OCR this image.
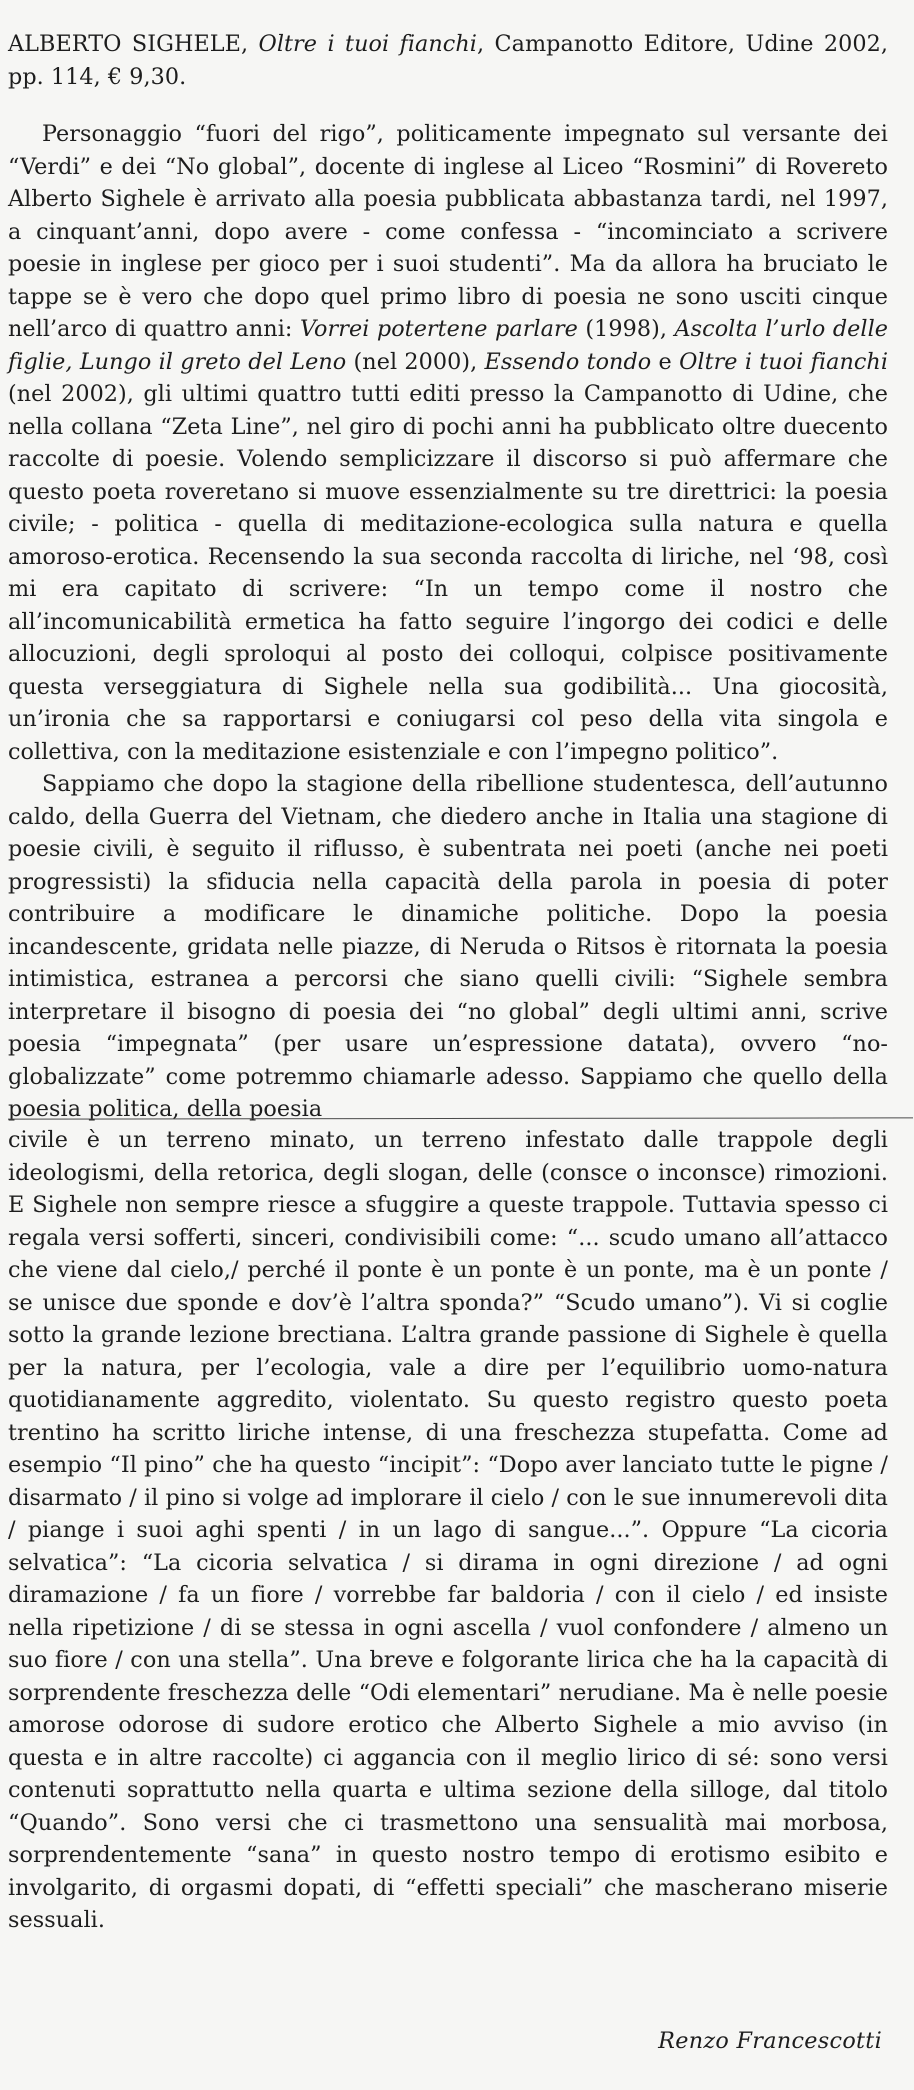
ALBERTO SIGHELE, Oltre i tuoi fianchi, Campanotto Editore, Udine 2002, pp. 114, € 9,30.

Personaggio “fuori del rigo”, politicamente impegnato sul versante dei “Verdi” e dei “No global”, docente di inglese al Liceo “Rosmini” di Rovereto Alberto Sighele è arrivato alla poesia pubblicata abbastanza tardi, nel 1997, a cinquant’anni, dopo avere - come confessa - “incominciato a scrivere poesie in inglese per gioco per i suoi studenti”. Ma da allora ha bruciato le tappe se è vero che dopo quel primo libro di poesia ne sono usciti cinque nell’arco di quattro anni: Vorrei potertene parlare (1998), Ascolta l’urlo delle figlie, Lungo il greto del Leno (nel 2000), Essendo tondo e Oltre i tuoi fianchi (nel 2002), gli ultimi quattro tutti editi presso la Campanotto di Udine, che nella collana “Zeta Line”, nel giro di pochi anni ha pubblicato oltre duecento raccolte di poesie. Volendo semplicizzare il discorso si può affermare che questo poeta roveretano si muove essenzialmente su tre direttrici: la poesia civile; - politica - quella di meditazione-ecologica sulla natura e quella amoroso-erotica. Recensendo la sua seconda raccolta di liriche, nel ‘98, così mi era capitato di scrivere: “In un tempo come il nostro che all’incomunicabilità ermetica ha fatto seguire l’ingorgo dei codici e delle allocuzioni, degli sproloqui al posto dei colloqui, colpisce positivamente questa verseggiatura di Sighele nella sua godibilità... Una giocosità, un’ironia che sa rapportarsi e coniugarsi col peso della vita singola e collettiva, con la meditazione esistenziale e con l’impegno politico”.

Sappiamo che dopo la stagione della ribellione studentesca, dell’autunno caldo, della Guerra del Vietnam, che diedero anche in Italia una stagione di poesie civili, è seguito il riflusso, è subentrata nei poeti (anche nei poeti progressisti) la sfiducia nella capacità della parola in poesia di poter contribuire a modificare le dinamiche politiche. Dopo la poesia incandescente, gridata nelle piazze, di Neruda o Ritsos è ritornata la poesia intimistica, estranea a percorsi che siano quelli civili: “Sighele sembra interpretare il bisogno di poesia dei “no global” degli ultimi anni, scrive poesia “impegnata” (per usare un’espressione datata), ovvero “no-globalizzate” come potremmo chiamarle adesso. Sappiamo che quello della poesia politica, della poesia

civile è un terreno minato, un terreno infestato dalle trappole degli ideologismi, della retorica, degli slogan, delle (consce o inconsce) rimozioni. E Sighele non sempre riesce a sfuggire a queste trappole. Tuttavia spesso ci regala versi sofferti, sinceri, condivisibili come: “... scudo umano all’attacco che viene dal cielo,/ perché il ponte è un ponte è un ponte, ma è un ponte / se unisce due sponde e dov’è l’altra sponda?” “Scudo umano”). Vi si coglie sotto la grande lezione brectiana. L’altra grande passione di Sighele è quella per la natura, per l’ecologia, vale a dire per l’equilibrio uomo-natura quotidianamente aggredito, violentato. Su questo registro questo poeta trentino ha scritto liriche intense, di una freschezza stupefatta. Come ad esempio “Il pino” che ha questo “incipit”: “Dopo aver lanciato tutte le pigne / disarmato / il pino si volge ad implorare il cielo / con le sue innumerevoli dita / piange i suoi aghi spenti / in un lago di sangue...”. Oppure “La cicoria selvatica”: “La cicoria selvatica / si dirama in ogni direzione / ad ogni diramazione / fa un fiore / vorrebbe far baldoria / con il cielo / ed insiste nella ripetizione / di se stessa in ogni ascella / vuol confondere / almeno un suo fiore / con una stella”. Una breve e folgorante lirica che ha la capacità di sorprendente freschezza delle “Odi elementari” nerudiane. Ma è nelle poesie amorose odorose di sudore erotico che Alberto Sighele a mio avviso (in questa e in altre raccolte) ci aggancia con il meglio lirico di sé: sono versi contenuti soprattutto nella quarta e ultima sezione della silloge, dal titolo “Quando”. Sono versi che ci trasmettono una sensualità mai morbosa, sorprendentemente “sana” in questo nostro tempo di erotismo esibito e involgarito, di orgasmi dopati, di “effetti speciali” che mascherano miserie sessuali.

Renzo Francescotti
